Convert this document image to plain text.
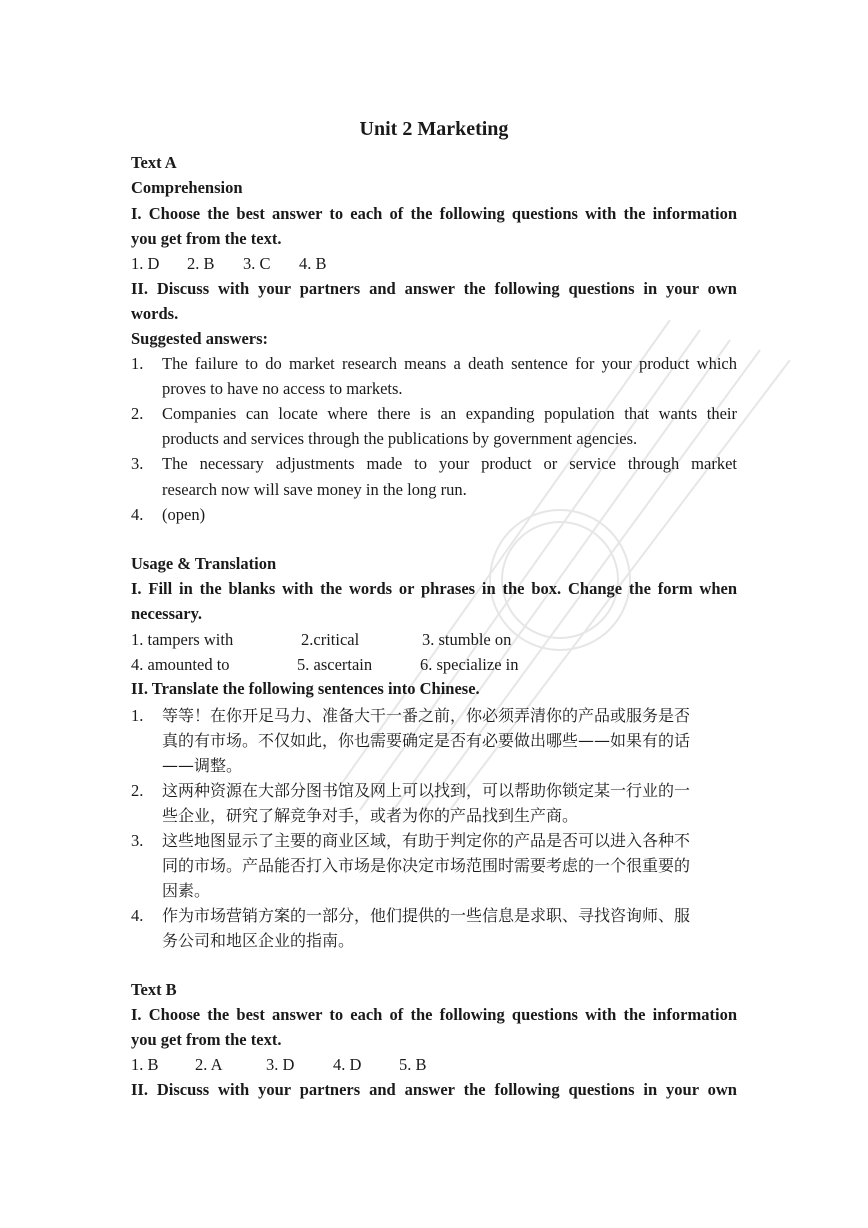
Unit 2 Marketing
Text A
Comprehension
I. Choose the best answer to each of the following questions with the information
you get from the text.
1. D 2. B 3. C 4. B
II. Discuss with your partners and answer the following questions in your own
words.
Suggested answers:
1. The failure to do market research means a death sentence for your product which
proves to have no access to markets.
2. Companies can locate where there is an expanding population that wants their
products and services through the publications by government agencies.
3. The necessary adjustments made to your product or service through market
research now will save money in the long run.
4. (open)
Usage & Translation
I. Fill in the blanks with the words or phrases in the box. Change the form when
necessary.
1. tampers with	2.critical	3. stumble on
4. amounted to	5. ascertain	6. specialize in
II. Translate the following sentences into Chinese.
1. 等等！在你开足马力、准备大干一番之前，你必须弄清你的产品或服务是否
真的有市场。不仅如此，你也需要确定是否有必要做出哪些——如果有的话
——调整。
2. 这两种资源在大部分图书馆及网上可以找到，可以帮助你锁定某一行业的一
些企业，研究了解竞争对手，或者为你的产品找到生产商。
3. 这些地图显示了主要的商业区域，有助于判定你的产品是否可以进入各种不
同的市场。产品能否打入市场是你决定市场范围时需要考虑的一个很重要的
因素。
4. 作为市场营销方案的一部分，他们提供的一些信息是求职、寻找咨询师、服
务公司和地区企业的指南。
Text B
I. Choose the best answer to each of the following questions with the information
you get from the text.
1. B 2. A	3. D 4. D 5. B
II. Discuss with your partners and answer the following questions in your own
